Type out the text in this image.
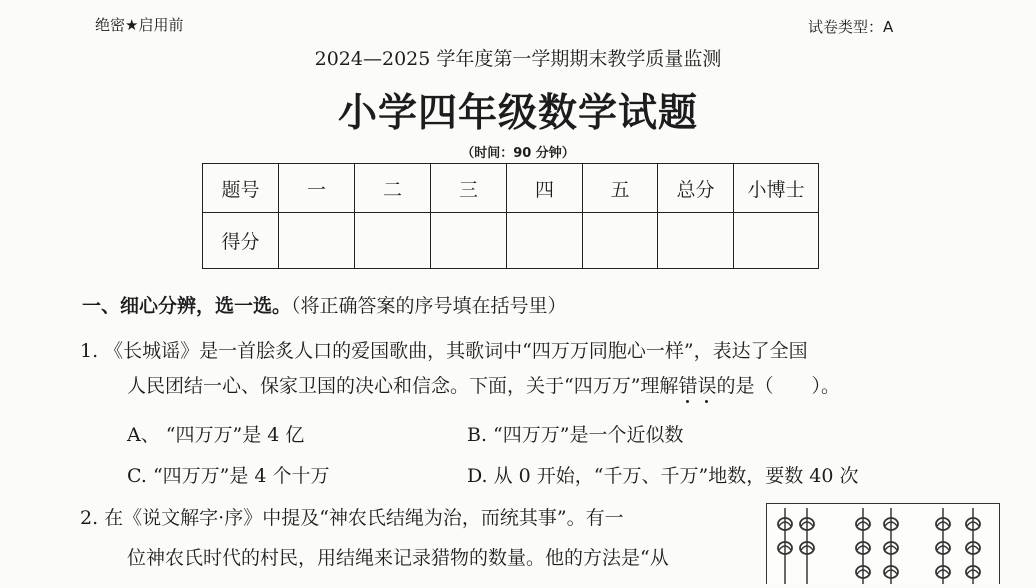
绝密★启用前	试卷类型：A
2024—2025 学年度第一学期期末教学质量监测
小学四年级数学试题
（时间：90 分钟）
题号	一	二	三	四	五	总分	小博士
得分							
一、细心分辨，选一选。（将正确答案的序号填在括号里）
1. 《长城谣》是一首脍炙人口的爱国歌曲，其歌词中“四万万同胞心一样”，表达了全国
人民团结一心、保家卫国的决心和信念。下面，关于“四万万”理解错误的是（　　）。
A、 “四万万”是 4 亿	B. “四万万”是一个近似数
C. “四万万”是 4 个十万	D. 从 0 开始，“千万、千万”地数，要数 40 次
2. 在《说文解字·序》中提及“神农氏结绳为治，而统其事”。有一
位神农氏时代的村民，用结绳来记录猎物的数量。他的方法是“从
